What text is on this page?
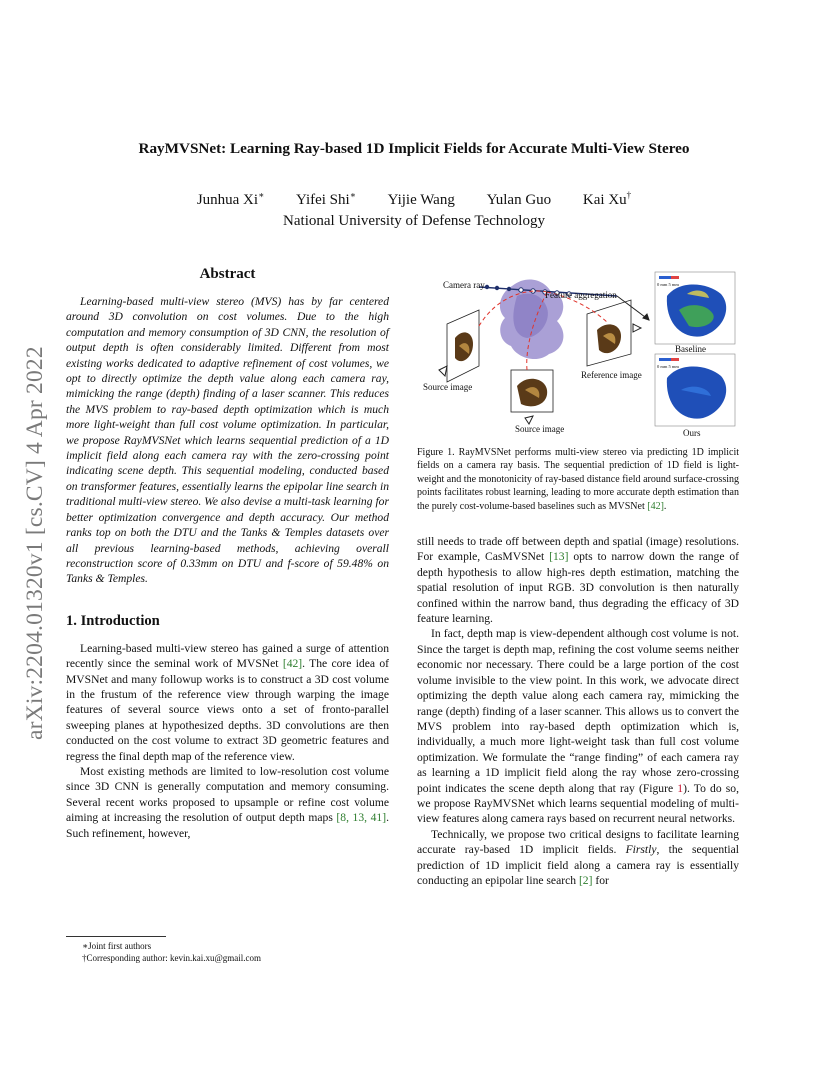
arXiv:2204.01320v1 [cs.CV] 4 Apr 2022
RayMVSNet: Learning Ray-based 1D Implicit Fields for Accurate Multi-View Stereo
Junhua Xi∗ Yifei Shi∗ Yijie Wang Yulan Guo Kai Xu†
National University of Defense Technology
Abstract
Learning-based multi-view stereo (MVS) has by far centered around 3D convolution on cost volumes. Due to the high computation and memory consumption of 3D CNN, the resolution of output depth is often considerably limited. Different from most existing works dedicated to adaptive refinement of cost volumes, we opt to directly optimize the depth value along each camera ray, mimicking the range (depth) finding of a laser scanner. This reduces the MVS problem to ray-based depth optimization which is much more light-weight than full cost volume optimization. In particular, we propose RayMVSNet which learns sequential prediction of a 1D implicit field along each camera ray with the zero-crossing point indicating scene depth. This sequential modeling, conducted based on transformer features, essentially learns the epipolar line search in traditional multi-view stereo. We also devise a multi-task learning for better optimization convergence and depth accuracy. Our method ranks top on both the DTU and the Tanks & Temples datasets over all previous learning-based methods, achieving overall reconstruction score of 0.33mm on DTU and f-score of 59.48% on Tanks & Temples.
1. Introduction

Learning-based multi-view stereo has gained a surge of attention recently since the seminal work of MVSNet [42]. The core idea of MVSNet and many followup works is to construct a 3D cost volume in the frustum of the reference view through warping the image features of several source views onto a set of fronto-parallel sweeping planes at hypothesized depths. 3D convolutions are then conducted on the cost volume to extract 3D geometric features and regress the final depth map of the reference view.

Most existing methods are limited to low-resolution cost volume since 3D CNN is generally computation and memory consuming. Several recent works proposed to upsample or refine cost volume aiming at increasing the resolution of output depth maps [8, 13, 41]. Such refinement, however,

∗Joint first authors
†Corresponding author: kevin.kai.xu@gmail.com
Camera ray
Feature aggregation
Source image
Reference image
Source image
Baseline
Ours
0 mm 5 mm
0 mm 5 mm
Figure 1. RayMVSNet performs multi-view stereo via predicting 1D implicit fields on a camera ray basis. The sequential prediction of 1D field is light-weight and the monotonicity of ray-based distance field around surface-crossing points facilitates robust learning, leading to more accurate depth estimation than the purely cost-volume-based baselines such as MVSNet [42].

still needs to trade off between depth and spatial (image) resolutions. For example, CasMVSNet [13] opts to narrow down the range of depth hypothesis to allow high-res depth estimation, matching the spatial resolution of input RGB. 3D convolution is then naturally confined within the narrow band, thus degrading the efficacy of 3D feature learning.

In fact, depth map is view-dependent although cost volume is not. Since the target is depth map, refining the cost volume seems neither economic nor necessary. There could be a large portion of the cost volume invisible to the view point. In this work, we advocate direct optimizing the depth value along each camera ray, mimicking the range (depth) finding of a laser scanner. This allows us to convert the MVS problem into ray-based depth optimization which is, individually, a much more light-weight task than full cost volume optimization. We formulate the “range finding” of each camera ray as learning a 1D implicit field along the ray whose zero-crossing point indicates the scene depth along that ray (Figure 1). To do so, we propose RayMVSNet which learns sequential modeling of multi-view features along camera rays based on recurrent neural networks.

Technically, we propose two critical designs to facilitate learning accurate ray-based 1D implicit fields. Firstly, the sequential prediction of 1D implicit field along a camera ray is essentially conducting an epipolar line search [2] for
